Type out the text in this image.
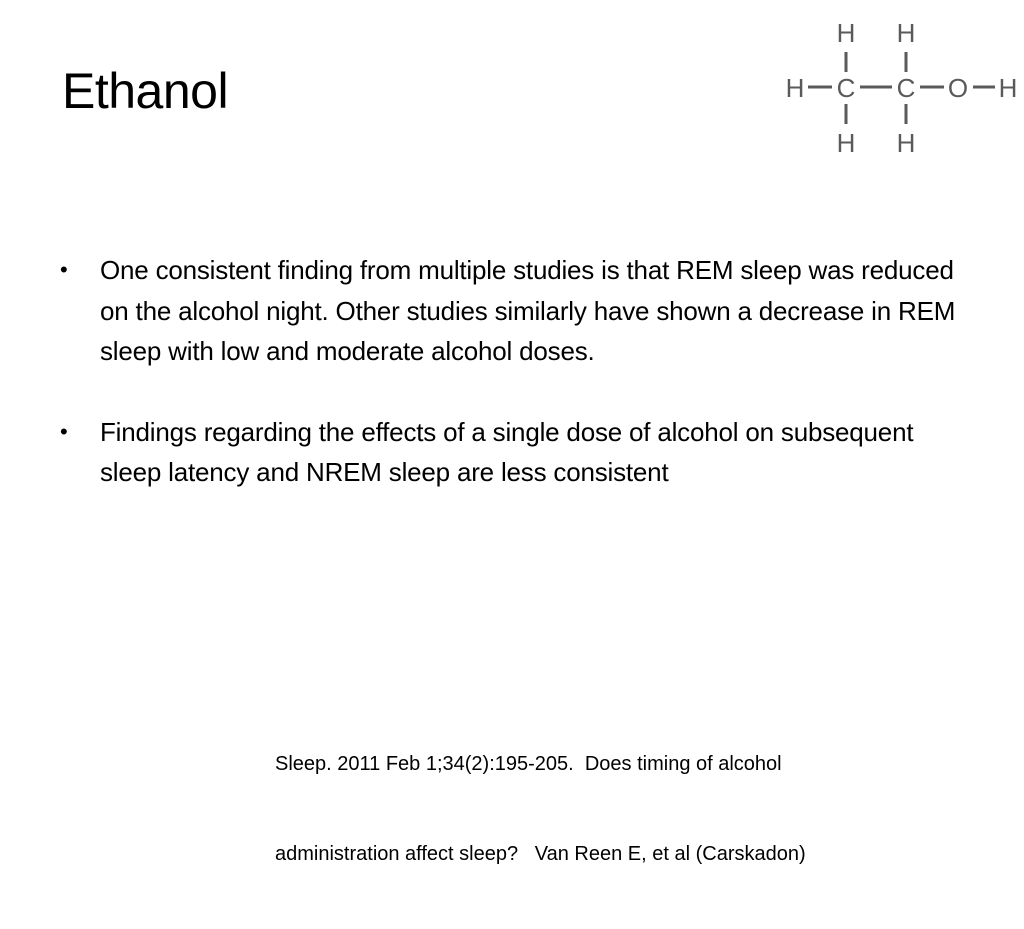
Ethanol
H H
H C C O H
H H
• One consistent finding from multiple studies is that REM sleep was reduced on the alcohol night. Other studies similarly have shown a decrease in REM sleep with low and moderate alcohol doses.
• Findings regarding the effects of a single dose of alcohol on subsequent sleep latency and NREM sleep are less consistent

Sleep. 2011 Feb 1;34(2):195-205.  Does timing of alcohol

administration affect sleep?   Van Reen E, et al (Carskadon)
